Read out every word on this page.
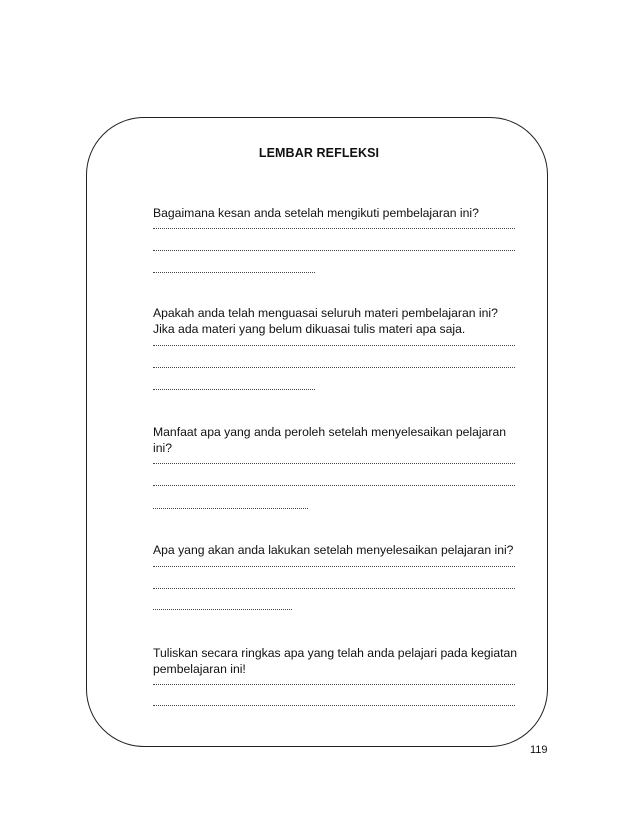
LEMBAR REFLEKSI
Bagaimana kesan anda setelah mengikuti pembelajaran ini?
Apakah anda telah menguasai seluruh materi pembelajaran ini? Jika ada materi yang belum dikuasai tulis materi apa saja.
Manfaat apa yang anda peroleh setelah menyelesaikan pelajaran ini?
Apa yang akan anda lakukan setelah menyelesaikan pelajaran ini?
Tuliskan secara ringkas apa yang telah anda pelajari pada kegiatan pembelajaran ini!
119
